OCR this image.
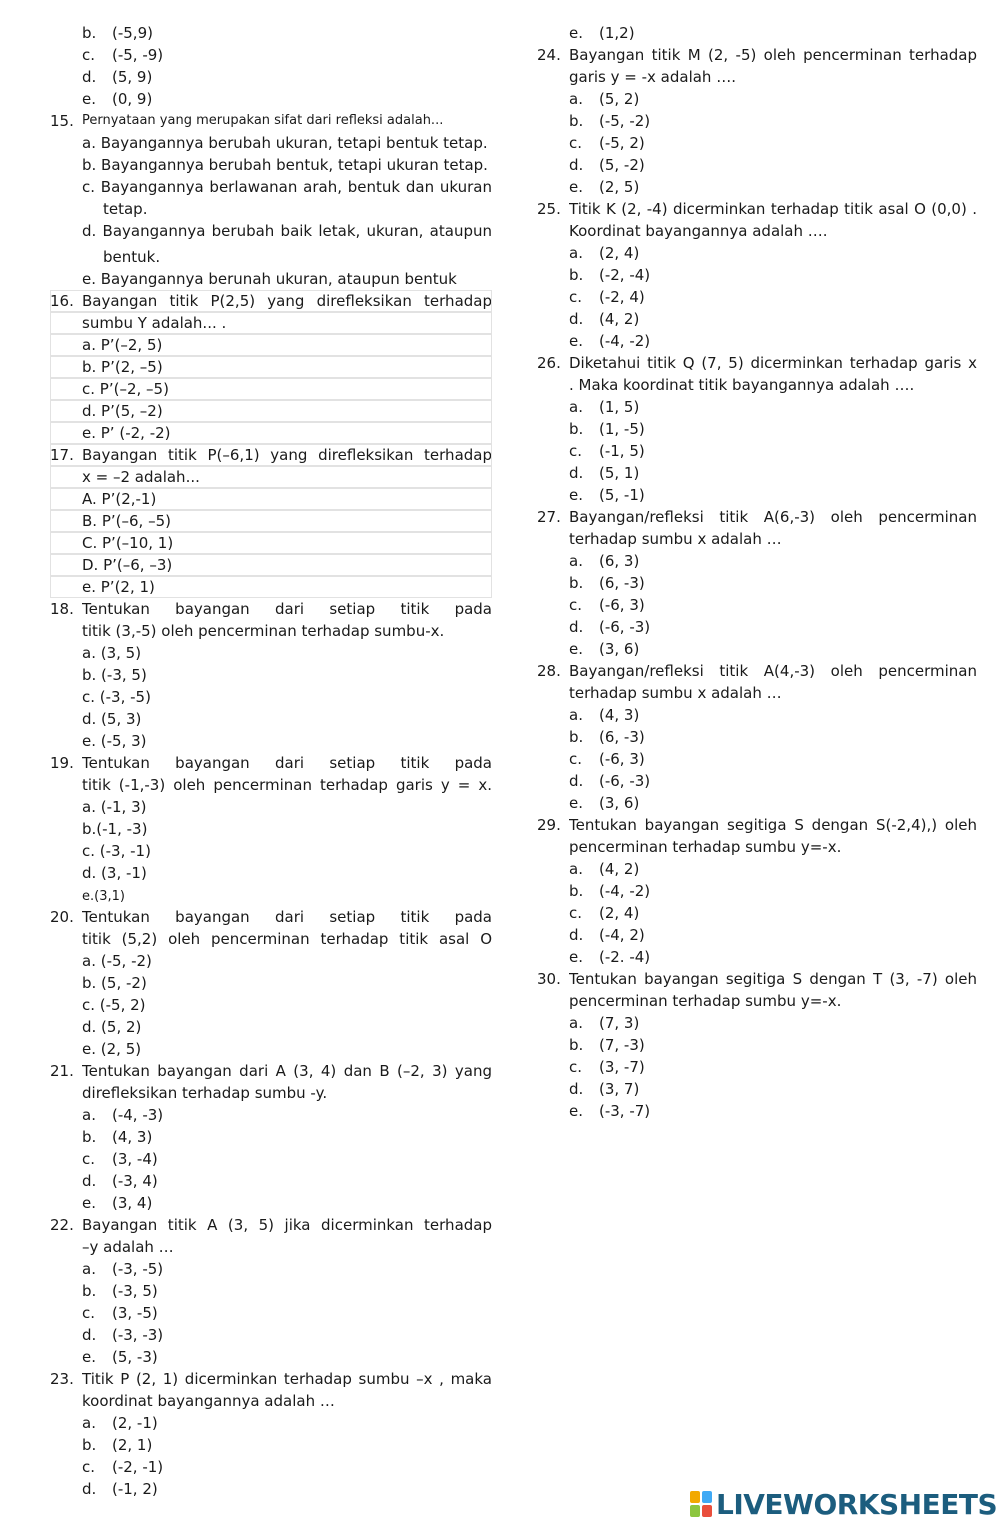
b. (-5,9)
c. (-5, -9)
d. (5, 9)
e. (0, 9)
15. Pernyataan yang merupakan sifat dari refleksi adalah...
a. Bayangannya berubah ukuran, tetapi bentuk tetap.
b. Bayangannya berubah bentuk, tetapi ukuran tetap.
c. Bayangannya berlawanan arah, bentuk dan ukuran
tetap.
d. Bayangannya berubah baik letak, ukuran, ataupun
bentuk.
e. Bayangannya berunah ukuran, ataupun bentuk
16. Bayangan titik P(2,5) yang direfleksikan terhadap
sumbu Y adalah... .
a. P’(–2, 5)
b. P’(2, –5)
c. P’(–2, –5)
d. P’(5, –2)
e. P’ (-2, -2)
17. Bayangan titik P(–6,1) yang direfleksikan terhadap
x = –2 adalah...
A. P’(2,-1)
B. P’(–6, –5)
C. P’(–10, 1)
D. P’(–6, –3)
e. P’(2, 1)
18. Tentukan bayangan dari setiap titik pada
titik (3,-5) oleh pencerminan terhadap sumbu-x.
a. (3, 5)
b. (-3, 5)
c. (-3, -5)
d. (5, 3)
e. (-5, 3)
19. Tentukan bayangan dari setiap titik pada
titik (-1,-3) oleh pencerminan terhadap garis y = x.
a. (-1, 3)
b.(-1, -3)
c. (-3, -1)
d. (3, -1)
e.(3,1)
20. Tentukan bayangan dari setiap titik pada
titik (5,2) oleh pencerminan terhadap titik asal O
a. (-5, -2)
b. (5, -2)
c. (-5, 2)
d. (5, 2)
e. (2, 5)
21. Tentukan bayangan dari A (3, 4) dan B (–2, 3) yang
direfleksikan terhadap sumbu -y.
a. (-4, -3)
b. (4, 3)
c. (3, -4)
d. (-3, 4)
e. (3, 4)
22. Bayangan titik A (3, 5) jika dicerminkan terhadap
–y adalah …
a. (-3, -5)
b. (-3, 5)
c. (3, -5)
d. (-3, -3)
e. (5, -3)
23. Titik P (2, 1) dicerminkan terhadap sumbu –x , maka
koordinat bayangannya adalah …
a. (2, -1)
b. (2, 1)
c. (-2, -1)
d. (-1, 2)
e. (1,2)
24. Bayangan titik M (2, -5) oleh pencerminan terhadap
garis y = -x adalah ….
a. (5, 2)
b. (-5, -2)
c. (-5, 2)
d. (5, -2)
e. (2, 5)
25. Titik K (2, -4) dicerminkan terhadap titik asal O (0,0) .
Koordinat bayangannya adalah ….
a. (2, 4)
b. (-2, -4)
c. (-2, 4)
d. (4, 2)
e. (-4, -2)
26. Diketahui titik Q (7, 5) dicerminkan terhadap garis x
. Maka koordinat titik bayangannya adalah ….
a. (1, 5)
b. (1, -5)
c. (-1, 5)
d. (5, 1)
e. (5, -1)
27. Bayangan/refleksi titik A(6,-3) oleh pencerminan
terhadap sumbu x adalah …
a. (6, 3)
b. (6, -3)
c. (-6, 3)
d. (-6, -3)
e. (3, 6)
28. Bayangan/refleksi titik A(4,-3) oleh pencerminan
terhadap sumbu x adalah …
a. (4, 3)
b. (6, -3)
c. (-6, 3)
d. (-6, -3)
e. (3, 6)
29. Tentukan bayangan segitiga S dengan S(-2,4),) oleh
pencerminan terhadap sumbu y=-x.
a. (4, 2)
b. (-4, -2)
c. (2, 4)
d. (-4, 2)
e. (-2. -4)
30. Tentukan bayangan segitiga S dengan T (3, -7) oleh
pencerminan terhadap sumbu y=-x.
a. (7, 3)
b. (7, -3)
c. (3, -7)
d. (3, 7)
e. (-3, -7)
LIVEWORKSHEETS
